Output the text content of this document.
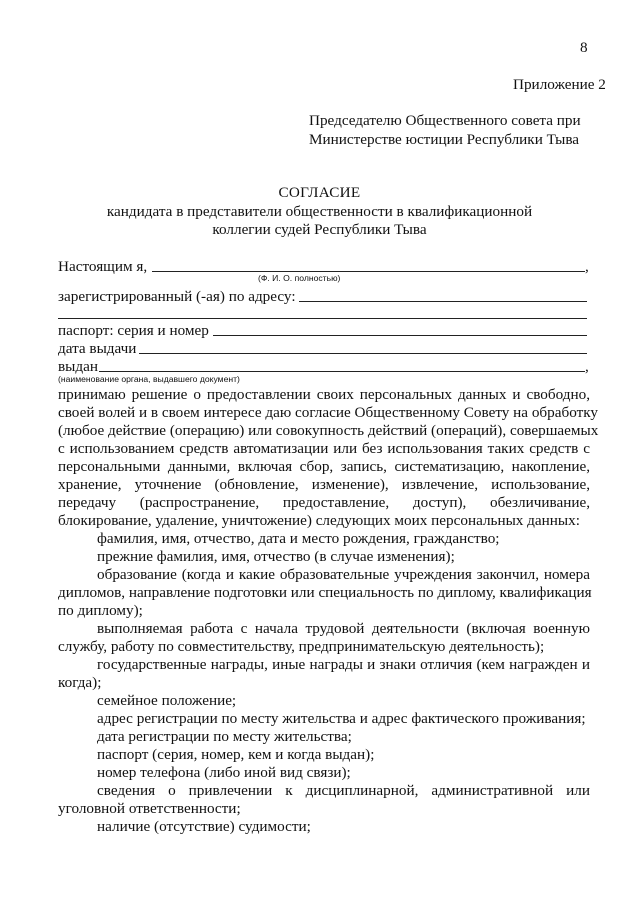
8
Приложение 2
Председателю Общественного совета при
Министерстве юстиции Республики Тыва
СОГЛАСИЕ
кандидата в представители общественности в квалификационной
коллегии судей Республики Тыва
Настоящим я,	,
(Ф. И. О. полностью)
зарегистрированный (-ая) по адресу:
паспорт: серия и номер
дата выдачи
выдан	,
(наименование органа, выдавшего документ)
принимаю решение о предоставлении своих персональных данных и свободно,
своей волей и в своем интересе даю согласие Общественному Совету на обработку
(любое действие (операцию) или совокупность действий (операций), совершаемых
с использованием средств автоматизации или без использования таких средств с
персональными данными, включая сбор, запись, систематизацию, накопление,
хранение, уточнение (обновление, изменение), извлечение, использование,
передачу (распространение, предоставление, доступ), обезличивание,
блокирование, удаление, уничтожение) следующих моих персональных данных:
фамилия, имя, отчество, дата и место рождения, гражданство;
прежние фамилия, имя, отчество (в случае изменения);
образование (когда и какие образовательные учреждения закончил, номера
дипломов, направление подготовки или специальность по диплому, квалификация
по диплому);
выполняемая работа с начала трудовой деятельности (включая военную
службу, работу по совместительству, предпринимательскую деятельность);
государственные награды, иные награды и знаки отличия (кем награжден и
когда);
семейное положение;
адрес регистрации по месту жительства и адрес фактического проживания;
дата регистрации по месту жительства;
паспорт (серия, номер, кем и когда выдан);
номер телефона (либо иной вид связи);
сведения о привлечении к дисциплинарной, административной или
уголовной ответственности;
наличие (отсутствие) судимости;
